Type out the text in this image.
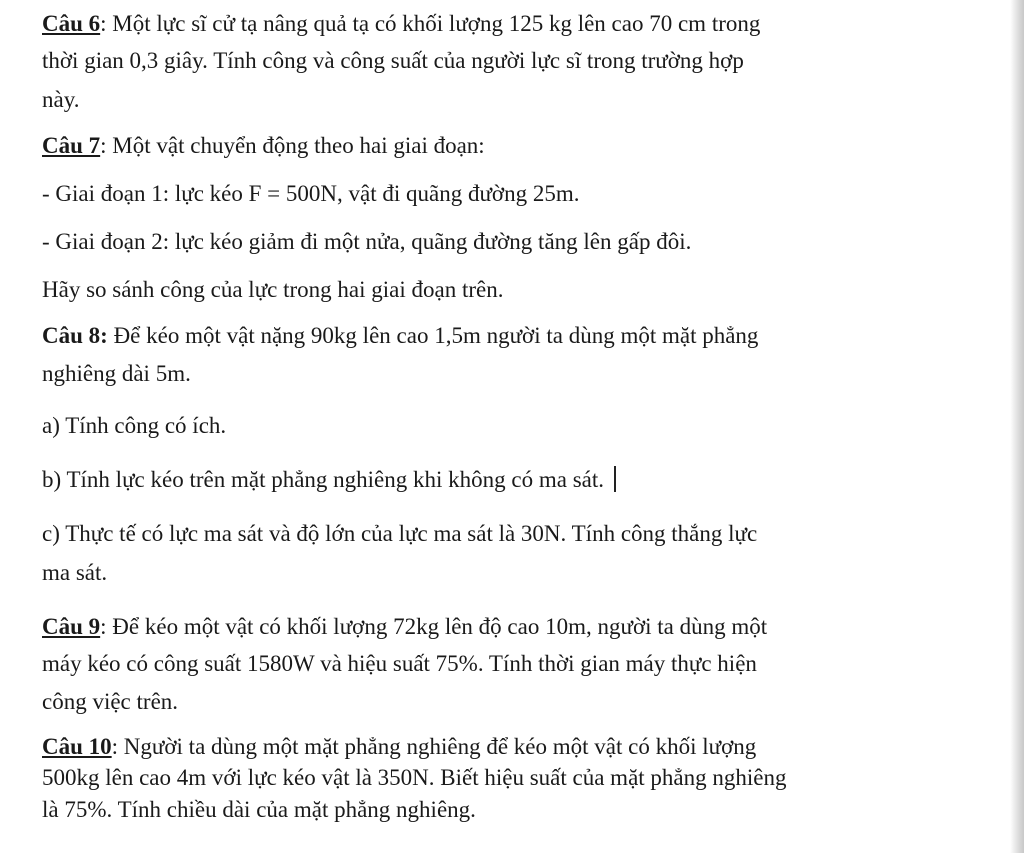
Câu 6: Một lực sĩ cử tạ nâng quả tạ có khối lượng 125 kg lên cao 70 cm trong
thời gian 0,3 giây. Tính công và công suất của người lực sĩ trong trường hợp
này.
Câu 7: Một vật chuyển động theo hai giai đoạn:
- Giai đoạn 1: lực kéo F = 500N, vật đi quãng đường 25m.
- Giai đoạn 2: lực kéo giảm đi một nửa, quãng đường tăng lên gấp đôi.
Hãy so sánh công của lực trong hai giai đoạn trên.
Câu 8: Để kéo một vật nặng 90kg lên cao 1,5m người ta dùng một mặt phẳng
nghiêng dài 5m.
a) Tính công có ích.
b) Tính lực kéo trên mặt phẳng nghiêng khi không có ma sát.
c) Thực tế có lực ma sát và độ lớn của lực ma sát là 30N. Tính công thắng lực
ma sát.
Câu 9: Để kéo một vật có khối lượng 72kg lên độ cao 10m, người ta dùng một
máy kéo có công suất 1580W và hiệu suất 75%. Tính thời gian máy thực hiện
công việc trên.
Câu 10: Người ta dùng một mặt phẳng nghiêng để kéo một vật có khối lượng
500kg lên cao 4m với lực kéo vật là 350N. Biết hiệu suất của mặt phẳng nghiêng
là 75%. Tính chiều dài của mặt phẳng nghiêng.
